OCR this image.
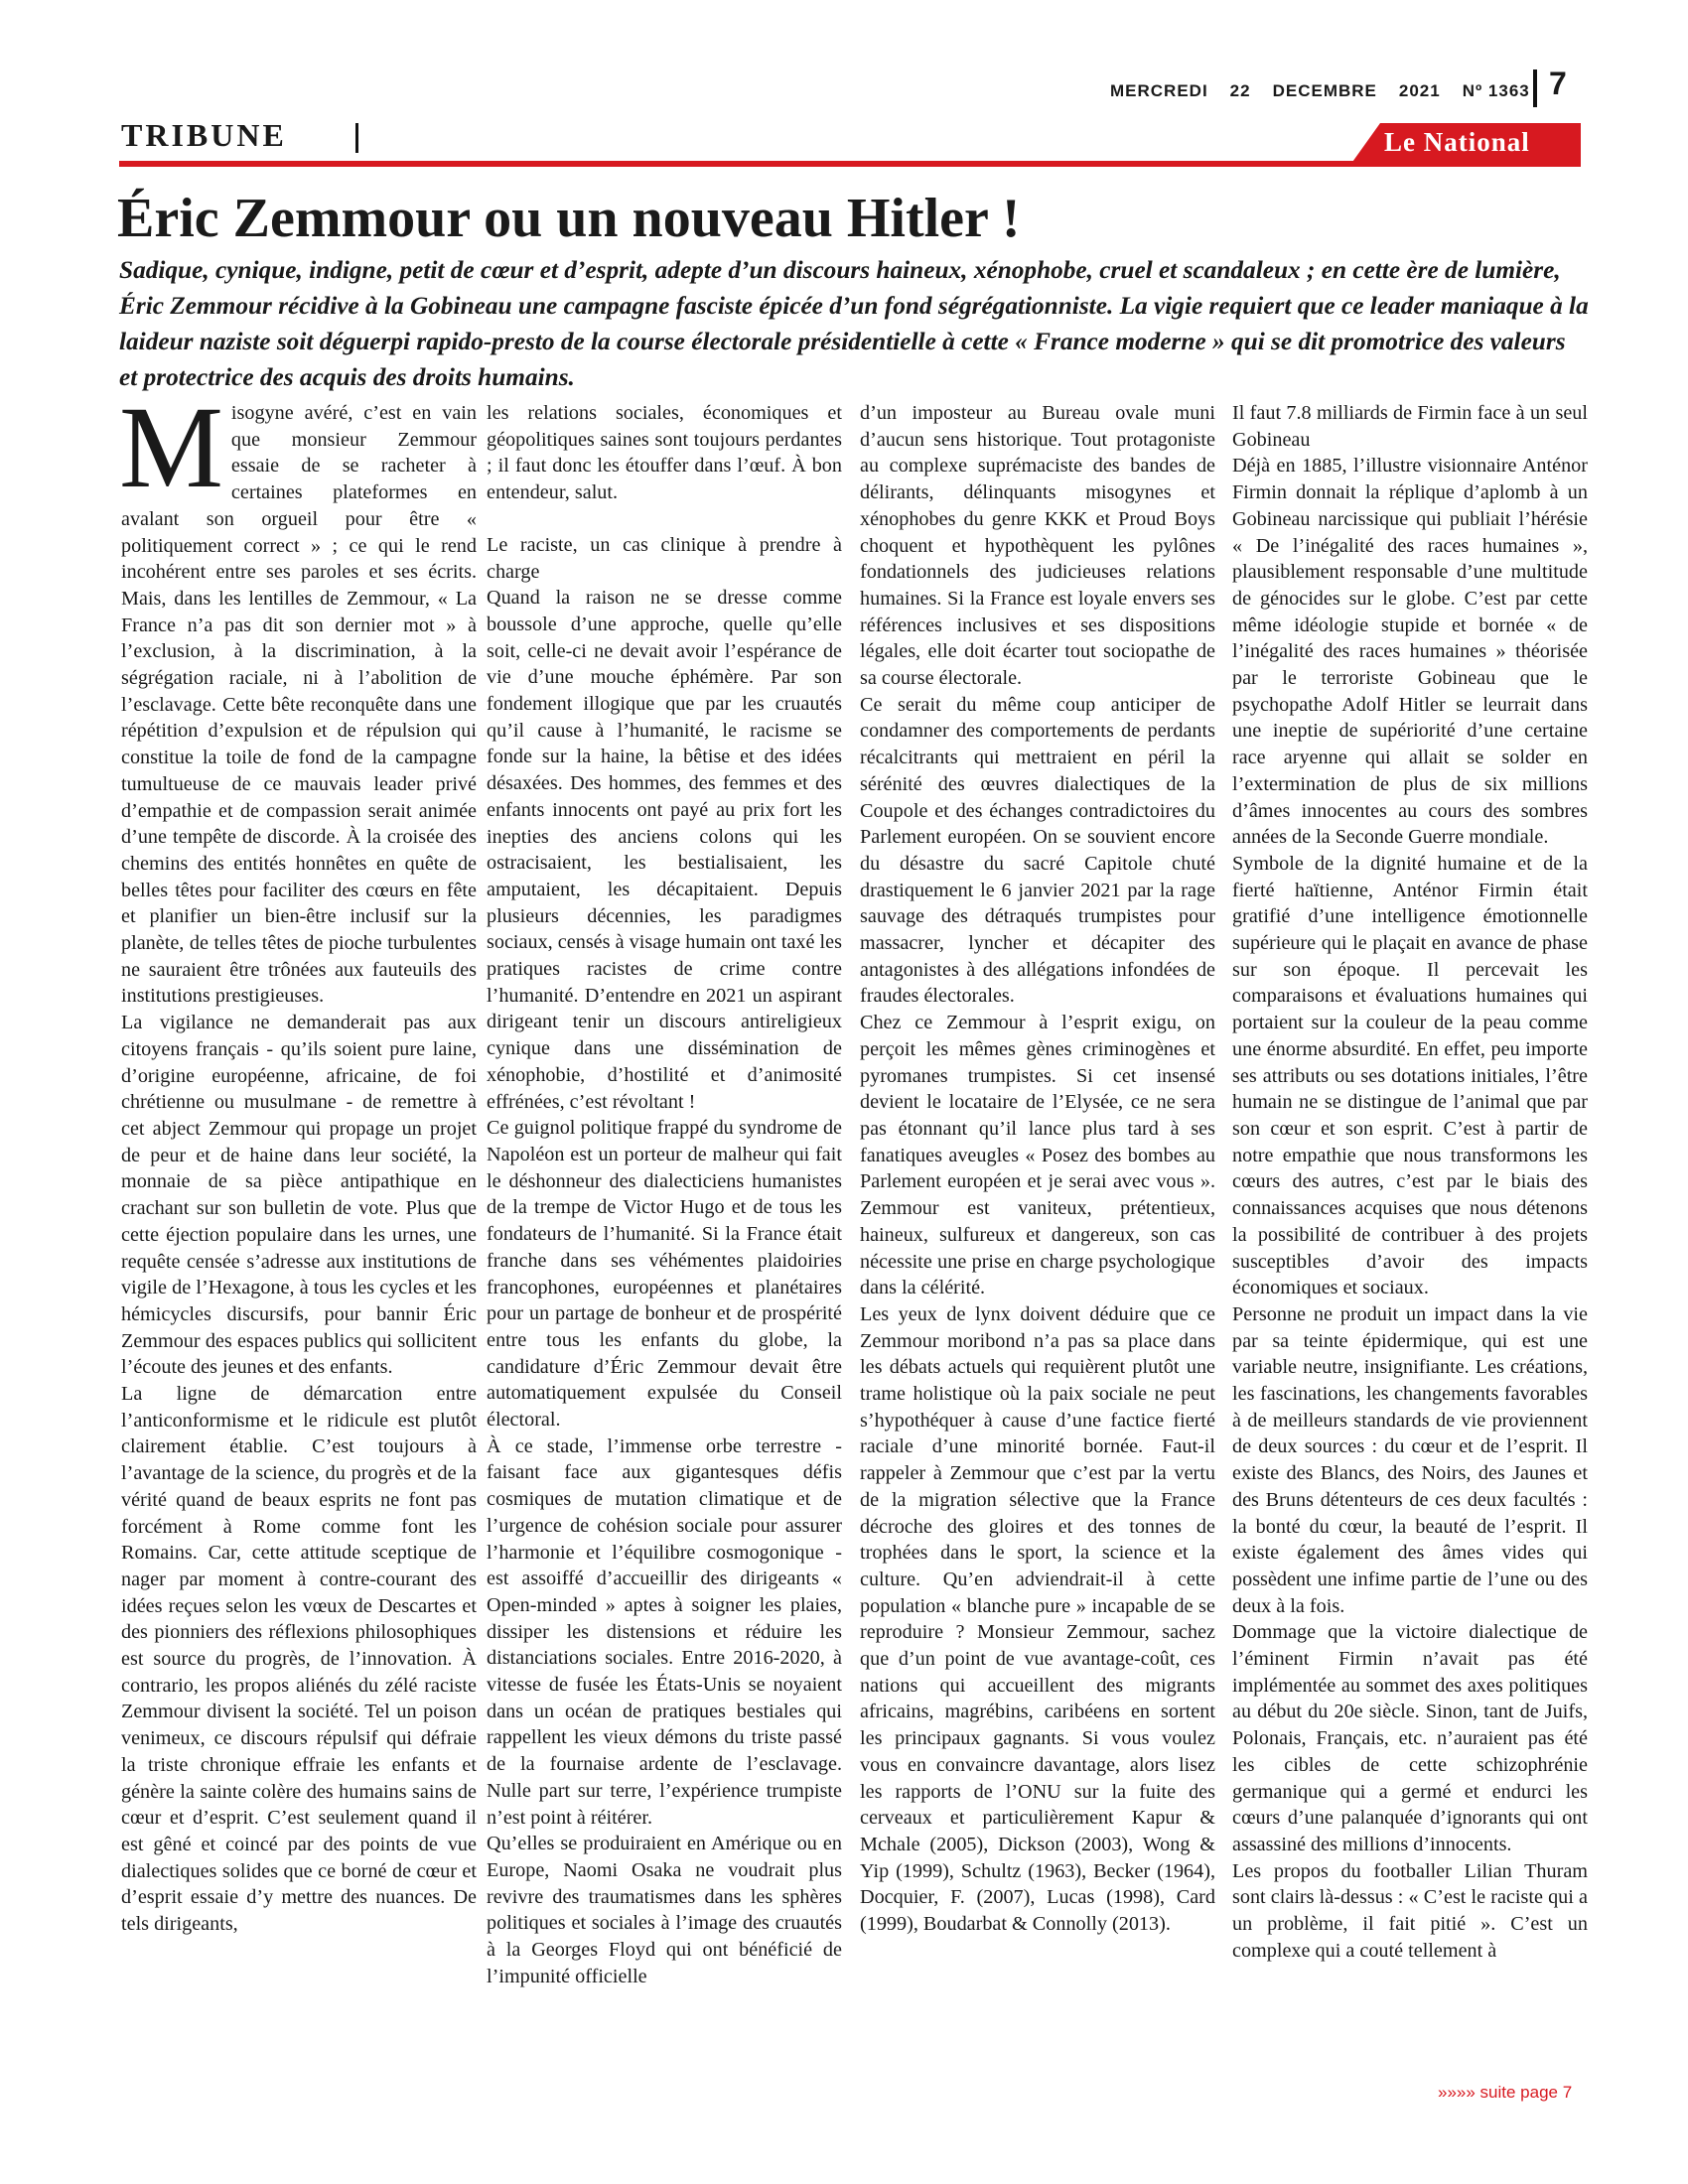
MERCREDI 22 DECEMBRE 2021 Nº 1363 7
TRIBUNE	Le National
Éric Zemmour ou un nouveau Hitler !
Sadique, cynique, indigne, petit de cœur et d’esprit, adepte d’un discours haineux, xénophobe, cruel et scandaleux ; en cette ère de lumière, Éric Zemmour récidive à la Gobineau une campagne fasciste épicée d’un fond ségrégationniste. La vigie requiert que ce leader maniaque à la laideur naziste soit déguerpi rapido-presto de la course électorale présidentielle à cette « France moderne » qui se dit promotrice des valeurs et protectrice des acquis des droits humains.

Misogyne avéré, c’est en vain que monsieur Zemmour essaie de se racheter à certaines plateformes en avalant son orgueil pour être « politiquement correct » ; ce qui le rend incohérent entre ses paroles et ses écrits. Mais, dans les lentilles de Zemmour, « La France n’a pas dit son dernier mot » à l’exclusion, à la discrimination, à la ségrégation raciale, ni à l’abolition de l’esclavage. Cette bête reconquête dans une répétition d’expulsion et de répulsion qui constitue la toile de fond de la campagne tumultueuse de ce mauvais leader privé d’empathie et de compassion serait animée d’une tempête de discorde. À la croisée des chemins des entités honnêtes en quête de belles têtes pour faciliter des cœurs en fête et planifier un bien-être inclusif sur la planète, de telles têtes de pioche turbulentes ne sauraient être trônées aux fauteuils des institutions prestigieuses.

La vigilance ne demanderait pas aux citoyens français - qu’ils soient pure laine, d’origine européenne, africaine, de foi chrétienne ou musulmane - de remettre à cet abject Zemmour qui propage un projet de peur et de haine dans leur société, la monnaie de sa pièce antipathique en crachant sur son bulletin de vote. Plus que cette éjection populaire dans les urnes, une requête censée s’adresse aux institutions de vigile de l’Hexagone, à tous les cycles et les hémicycles discursifs, pour bannir Éric Zemmour des espaces publics qui sollicitent l’écoute des jeunes et des enfants.

La ligne de démarcation entre l’anticonformisme et le ridicule est plutôt clairement établie. C’est toujours à l’avantage de la science, du progrès et de la vérité quand de beaux esprits ne font pas forcément à Rome comme font les Romains. Car, cette attitude sceptique de nager par moment à contre-courant des idées reçues selon les vœux de Descartes et des pionniers des réflexions philosophiques est source du progrès, de l’innovation. À contrario, les propos aliénés du zélé raciste Zemmour divisent la société. Tel un poison venimeux, ce discours répulsif qui défraie la triste chronique effraie les enfants et génère la sainte colère des humains sains de cœur et d’esprit. C’est seulement quand il est gêné et coincé par des points de vue dialectiques solides que ce borné de cœur et d’esprit essaie d’y mettre des nuances. De tels dirigeants,

les relations sociales, économiques et géopolitiques saines sont toujours perdantes ; il faut donc les étouffer dans l’œuf. À bon entendeur, salut.

Le raciste, un cas clinique à prendre à charge

Quand la raison ne se dresse comme boussole d’une approche, quelle qu’elle soit, celle-ci ne devait avoir l’espérance de vie d’une mouche éphémère. Par son fondement illogique que par les cruautés qu’il cause à l’humanité, le racisme se fonde sur la haine, la bêtise et des idées désaxées. Des hommes, des femmes et des enfants innocents ont payé au prix fort les inepties des anciens colons qui les ostracisaient, les bestialisaient, les amputaient, les décapitaient. Depuis plusieurs décennies, les paradigmes sociaux, censés à visage humain ont taxé les pratiques racistes de crime contre l’humanité. D’entendre en 2021 un aspirant dirigeant tenir un discours antireligieux cynique dans une dissémination de xénophobie, d’hostilité et d’animosité effrénées, c’est révoltant !

Ce guignol politique frappé du syndrome de Napoléon est un porteur de malheur qui fait le déshonneur des dialecticiens humanistes de la trempe de Victor Hugo et de tous les fondateurs de l’humanité. Si la France était franche dans ses véhémentes plaidoiries francophones, européennes et planétaires pour un partage de bonheur et de prospérité entre tous les enfants du globe, la candidature d’Éric Zemmour devait être automatiquement expulsée du Conseil électoral.

À ce stade, l’immense orbe terrestre - faisant face aux gigantesques défis cosmiques de mutation climatique et de l’urgence de cohésion sociale pour assurer l’harmonie et l’équilibre cosmogonique - est assoiffé d’accueillir des dirigeants « Open-minded » aptes à soigner les plaies, dissiper les distensions et réduire les distanciations sociales. Entre 2016-2020, à vitesse de fusée les États-Unis se noyaient dans un océan de pratiques bestiales qui rappellent les vieux démons du triste passé de la fournaise ardente de l’esclavage. Nulle part sur terre, l’expérience trumpiste n’est point à réitérer.

Qu’elles se produiraient en Amérique ou en Europe, Naomi Osaka ne voudrait plus revivre des traumatismes dans les sphères politiques et sociales à l’image des cruautés à la Georges Floyd qui ont bénéficié de l’impunité officielle

d’un imposteur au Bureau ovale muni d’aucun sens historique. Tout protagoniste au complexe suprémaciste des bandes de délirants, délinquants misogynes et xénophobes du genre KKK et Proud Boys choquent et hypothèquent les pylônes fondationnels des judicieuses relations humaines. Si la France est loyale envers ses références inclusives et ses dispositions légales, elle doit écarter tout sociopathe de sa course électorale.

Ce serait du même coup anticiper de condamner des comportements de perdants récalcitrants qui mettraient en péril la sérénité des œuvres dialectiques de la Coupole et des échanges contradictoires du Parlement européen. On se souvient encore du désastre du sacré Capitole chuté drastiquement le 6 janvier 2021 par la rage sauvage des détraqués trumpistes pour massacrer, lyncher et décapiter des antagonistes à des allégations infondées de fraudes électorales.

Chez ce Zemmour à l’esprit exigu, on perçoit les mêmes gènes criminogènes et pyromanes trumpistes. Si cet insensé devient le locataire de l’Elysée, ce ne sera pas étonnant qu’il lance plus tard à ses fanatiques aveugles « Posez des bombes au Parlement européen et je serai avec vous ». Zemmour est vaniteux, prétentieux, haineux, sulfureux et dangereux, son cas nécessite une prise en charge psychologique dans la célérité.

Les yeux de lynx doivent déduire que ce Zemmour moribond n’a pas sa place dans les débats actuels qui requièrent plutôt une trame holistique où la paix sociale ne peut s’hypothéquer à cause d’une factice fierté raciale d’une minorité bornée. Faut-il rappeler à Zemmour que c’est par la vertu de la migration sélective que la France décroche des gloires et des tonnes de trophées dans le sport, la science et la culture. Qu’en adviendrait-il à cette population « blanche pure » incapable de se reproduire ? Monsieur Zemmour, sachez que d’un point de vue avantage-coût, ces nations qui accueillent des migrants africains, magrébins, caribéens en sortent les principaux gagnants. Si vous voulez vous en convaincre davantage, alors lisez les rapports de l’ONU sur la fuite des cerveaux et particulièrement Kapur & Mchale (2005), Dickson (2003), Wong & Yip (1999), Schultz (1963), Becker (1964), Docquier, F. (2007), Lucas (1998), Card (1999), Boudarbat & Connolly (2013).

Il faut 7.8 milliards de Firmin face à un seul Gobineau

Déjà en 1885, l’illustre visionnaire Anténor Firmin donnait la réplique d’aplomb à un Gobineau narcissique qui publiait l’hérésie « De l’inégalité des races humaines », plausiblement responsable d’une multitude de génocides sur le globe. C’est par cette même idéologie stupide et bornée « de l’inégalité des races humaines » théorisée par le terroriste Gobineau que le psychopathe Adolf Hitler se leurrait dans une ineptie de supériorité d’une certaine race aryenne qui allait se solder en l’extermination de plus de six millions d’âmes innocentes au cours des sombres années de la Seconde Guerre mondiale.

Symbole de la dignité humaine et de la fierté haïtienne, Anténor Firmin était gratifié d’une intelligence émotionnelle supérieure qui le plaçait en avance de phase sur son époque. Il percevait les comparaisons et évaluations humaines qui portaient sur la couleur de la peau comme une énorme absurdité. En effet, peu importe ses attributs ou ses dotations initiales, l’être humain ne se distingue de l’animal que par son cœur et son esprit. C’est à partir de notre empathie que nous transformons les cœurs des autres, c’est par le biais des connaissances acquises que nous détenons la possibilité de contribuer à des projets susceptibles d’avoir des impacts économiques et sociaux.

Personne ne produit un impact dans la vie par sa teinte épidermique, qui est une variable neutre, insignifiante. Les créations, les fascinations, les changements favorables à de meilleurs standards de vie proviennent de deux sources : du cœur et de l’esprit. Il existe des Blancs, des Noirs, des Jaunes et des Bruns détenteurs de ces deux facultés : la bonté du cœur, la beauté de l’esprit. Il existe également des âmes vides qui possèdent une infime partie de l’une ou des deux à la fois.

Dommage que la victoire dialectique de l’éminent Firmin n’avait pas été implémentée au sommet des axes politiques au début du 20e siècle. Sinon, tant de Juifs, Polonais, Français, etc. n’auraient pas été les cibles de cette schizophrénie germanique qui a germé et endurci les cœurs d’une palanquée d’ignorants qui ont assassiné des millions d’innocents.

Les propos du footballer Lilian Thuram sont clairs là-dessus : « C’est le raciste qui a un problème, il fait pitié ». C’est un complexe qui a couté tellement à

»»»» suite page 7
